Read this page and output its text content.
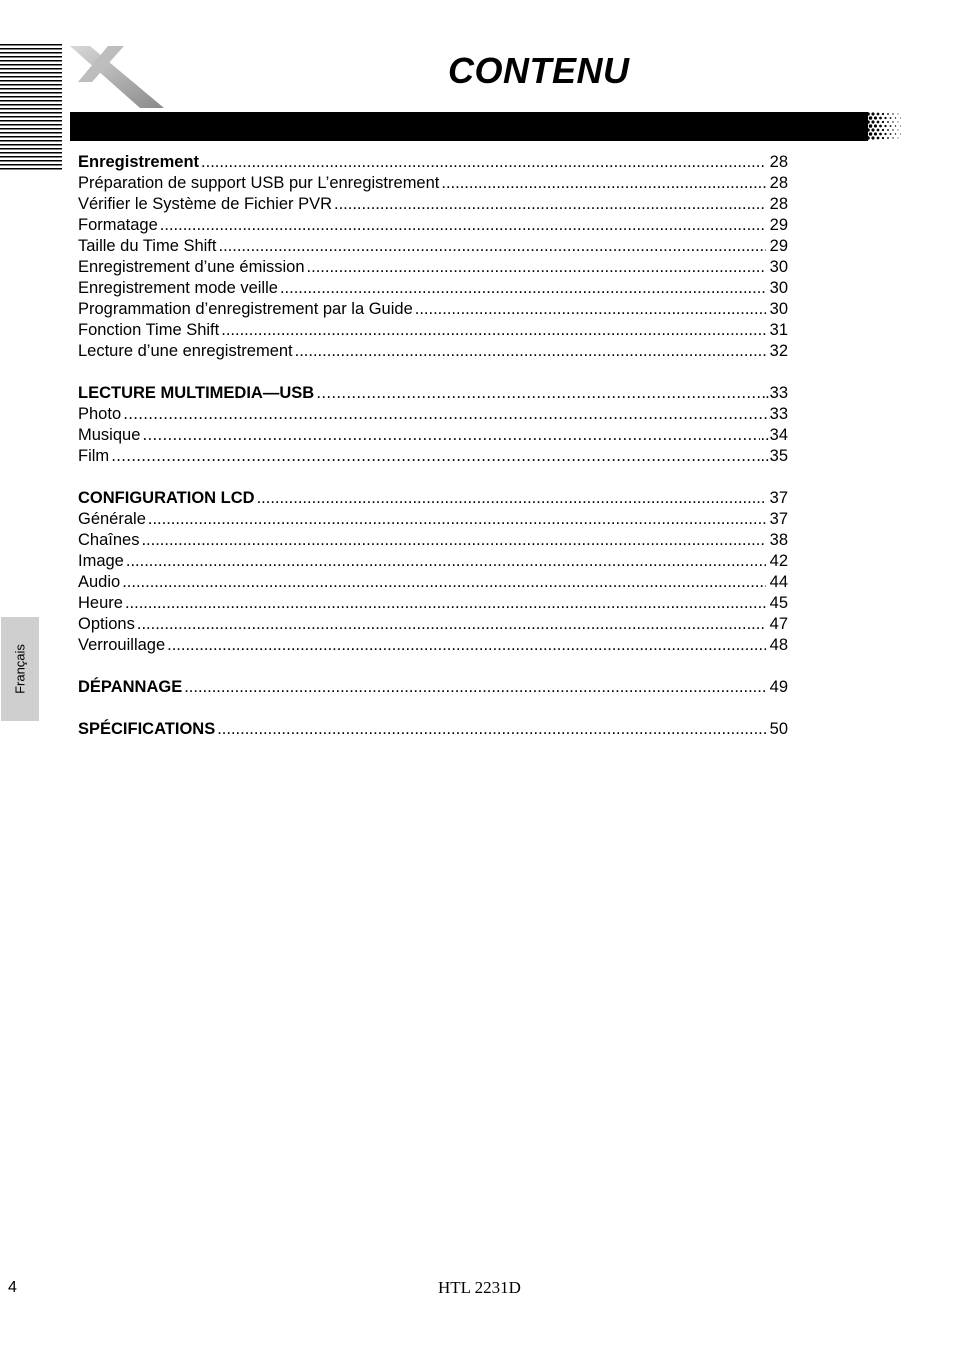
CONTENU
Français
Enregistrement .....	28
Préparation de support USB pur L’enregistrement .....	28
Vérifier le Système de Fichier PVR .....	28
Formatage .....	29
Taille du Time Shift .....	29
Enregistrement d’une émission .....	30
Enregistrement mode veille .....	30
Programmation d’enregistrement par la Guide .....	30
Fonction Time Shift .....	31
Lecture d’une enregistrement .....	32
LECTURE MULTIMEDIA—USB ……………………………………………………………………………………………………………………………………………………………	.33
Photo ……………………………………………………………………………………………………………………………………………………………	33
Musique ……………………………………………………………………………………………………………………………………………………………	..34
Film ……………………………………………………………………………………………………………………………………………………………	..35
CONFIGURATION LCD .....	37
Générale .....	37
Chaînes .....	38
Image .....	42
Audio .....	44
Heure .....	45
Options .....	47
Verrouillage .....	48
DÉPANNAGE .....	49
SPÉCIFICATIONS .....	50
4	HTL 2231D
